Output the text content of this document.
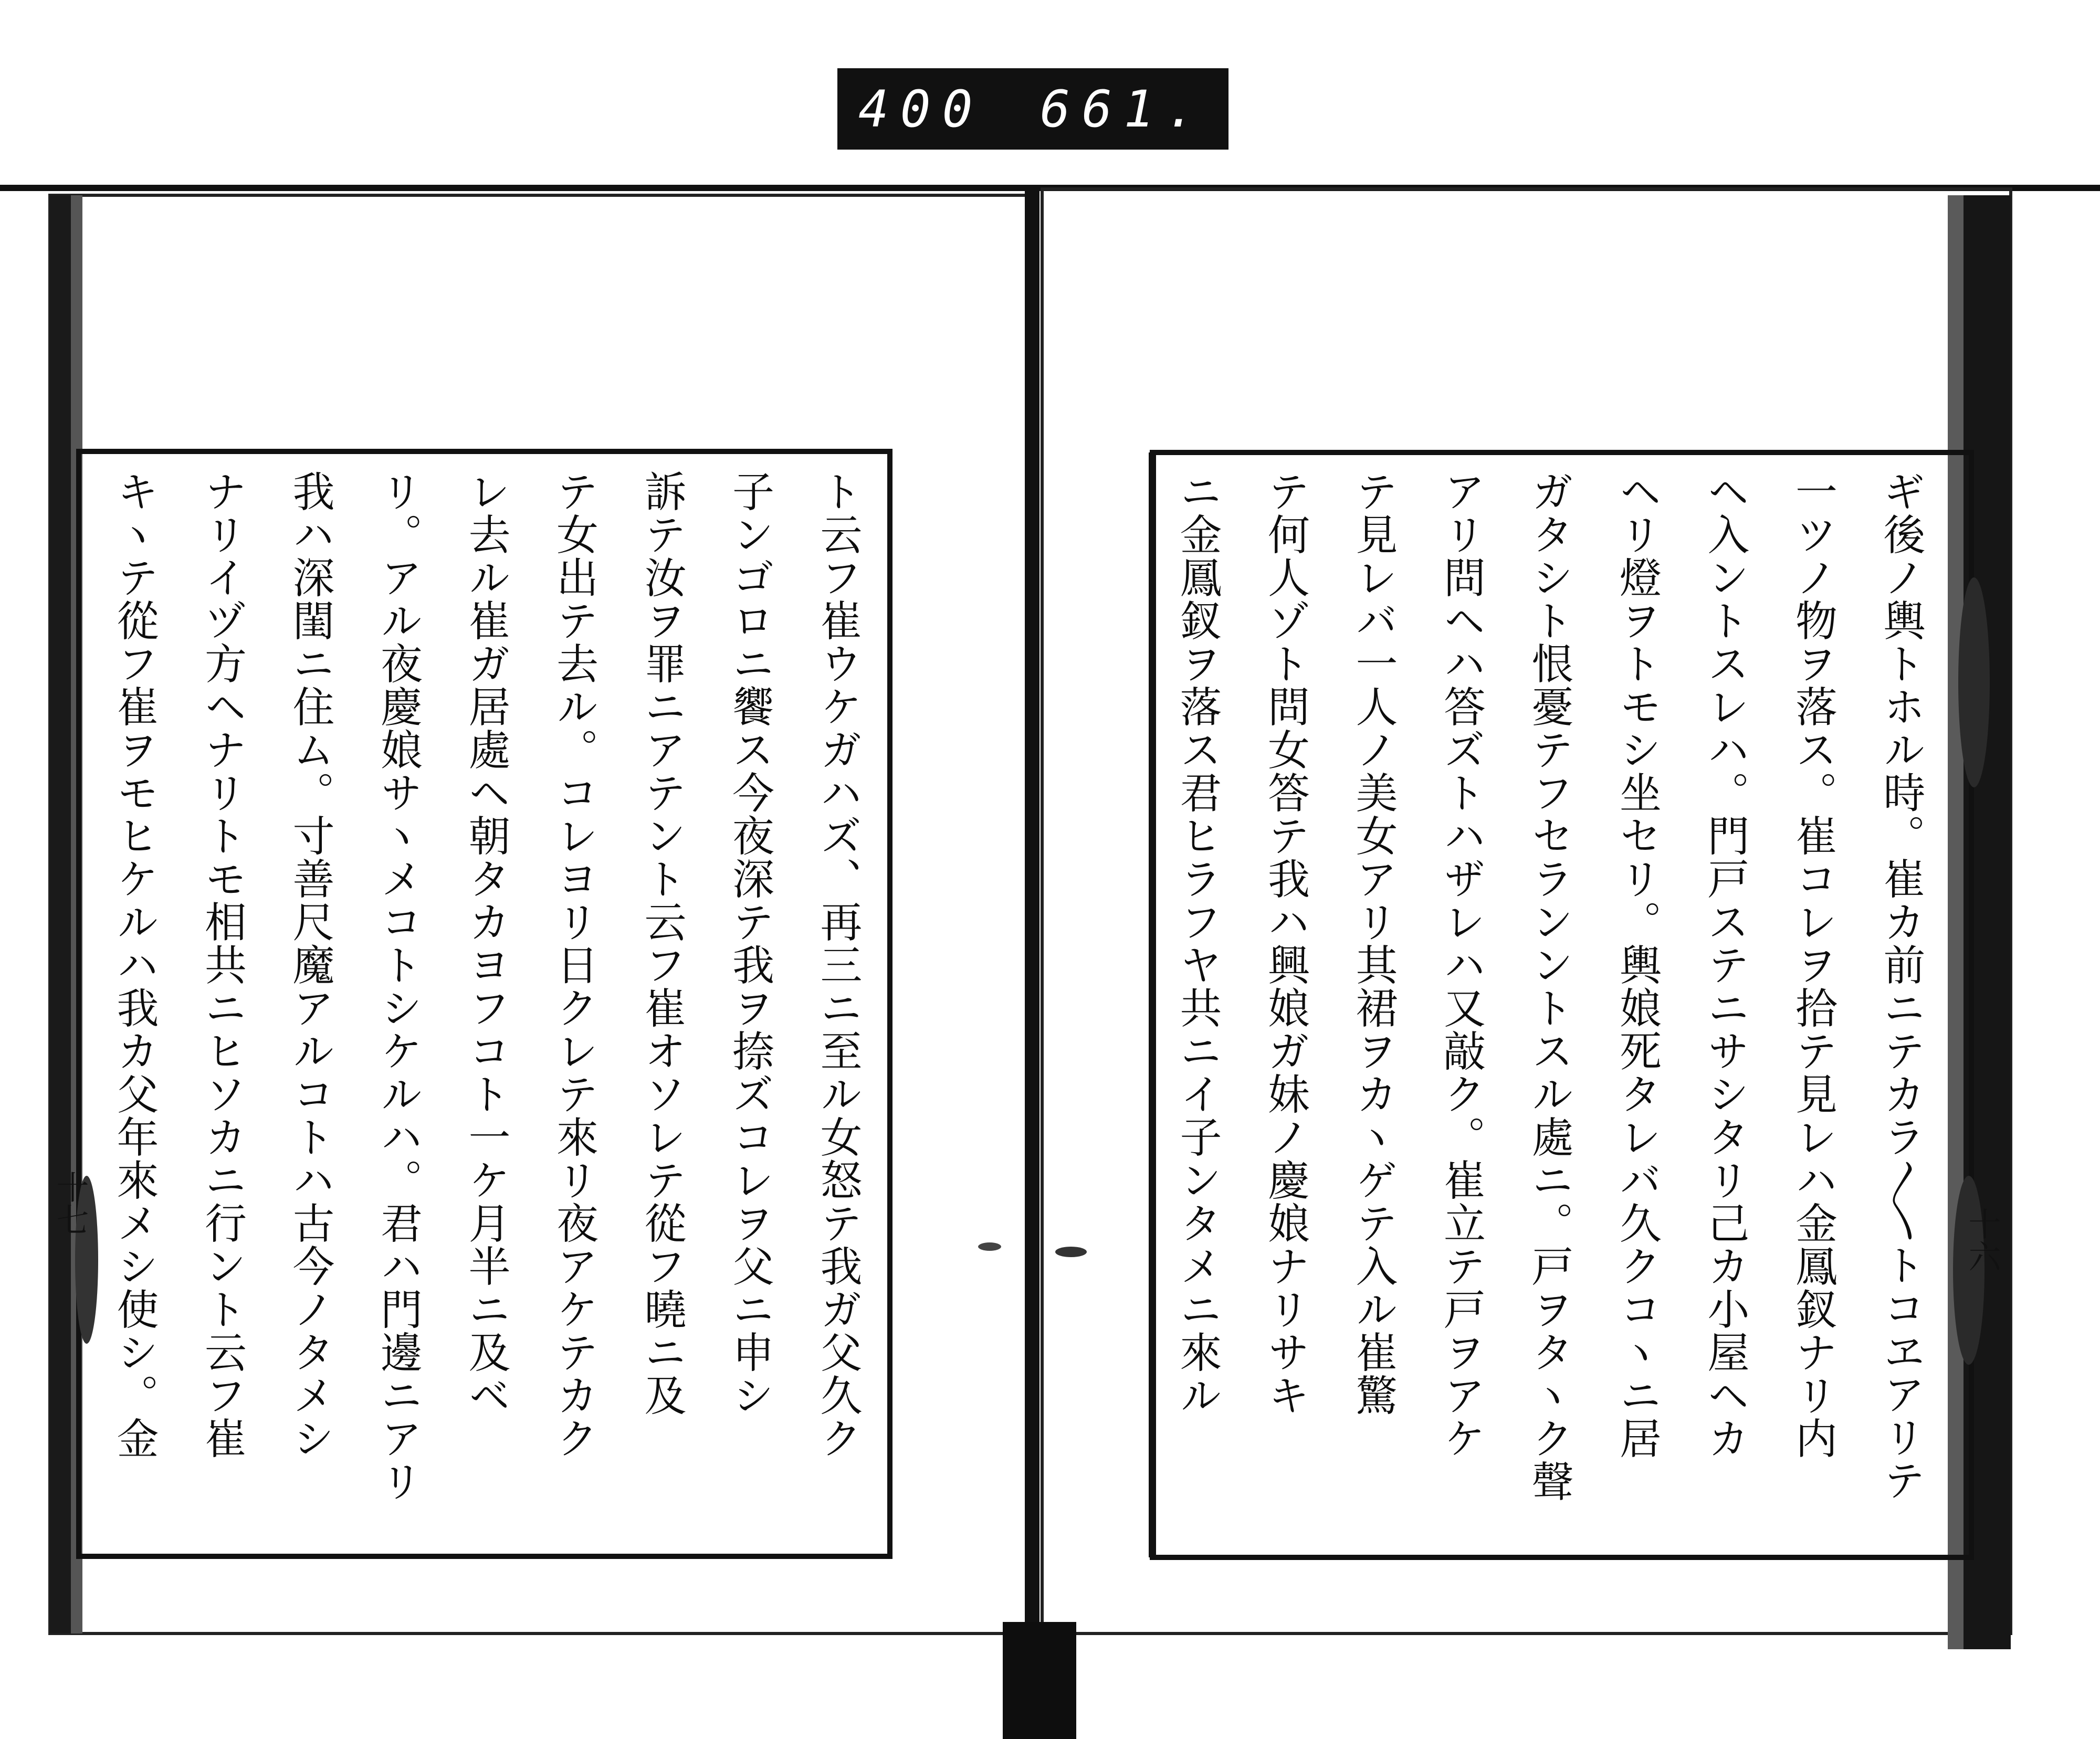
400 661.
十七
十六
ト云フ崔ウケガハズ、再三ニ至ル女怒テ我ガ父久ク
子ンゴロニ饗ス今夜深テ我ヲ捺ズコレヲ父ニ申シ
訴テ汝ヲ罪ニアテント云フ崔オソレテ從フ曉ニ及
テ女出テ去ル。コレヨリ日クレテ來リ夜アケテカク
レ去ル崔ガ居處ヘ朝タカヨフコト一ケ月半ニ及ベ
リ。アル夜慶娘サヽメコトシケルハ。君ハ門邊ニアリ
我ハ深閨ニ住ム。寸善尺魔アルコトハ古今ノタメシ
ナリイヅ方ヘナリトモ相共ニヒソカニ行ント云フ崔
キヽテ從フ崔ヲモヒケルハ我カ父年來メシ使シ。金	ギ後ノ輿トホル時。崔カ前ニテカラ〳〵トコヱアリテ
一ツノ物ヲ落ス。崔コレヲ拾テ見レハ金鳳釵ナリ内
ヘ入ントスレハ。門戸ステニサシタリ己カ小屋ヘカ
ヘリ燈ヲトモシ坐セリ。輿娘死タレバ久クコヽニ居
ガタシト恨憂テフセランントスル處ニ。戸ヲタヽク聲
アリ問ヘハ答ズトハザレハ又敲ク。崔立テ戸ヲアケ
テ見レバ一人ノ美女アリ其裙ヲカヽゲテ入ル崔驚
テ何人ゾト問女答テ我ハ興娘ガ妹ノ慶娘ナリサキ
ニ金鳳釵ヲ落ス君ヒラフヤ共ニイ子ンタメニ來ル
